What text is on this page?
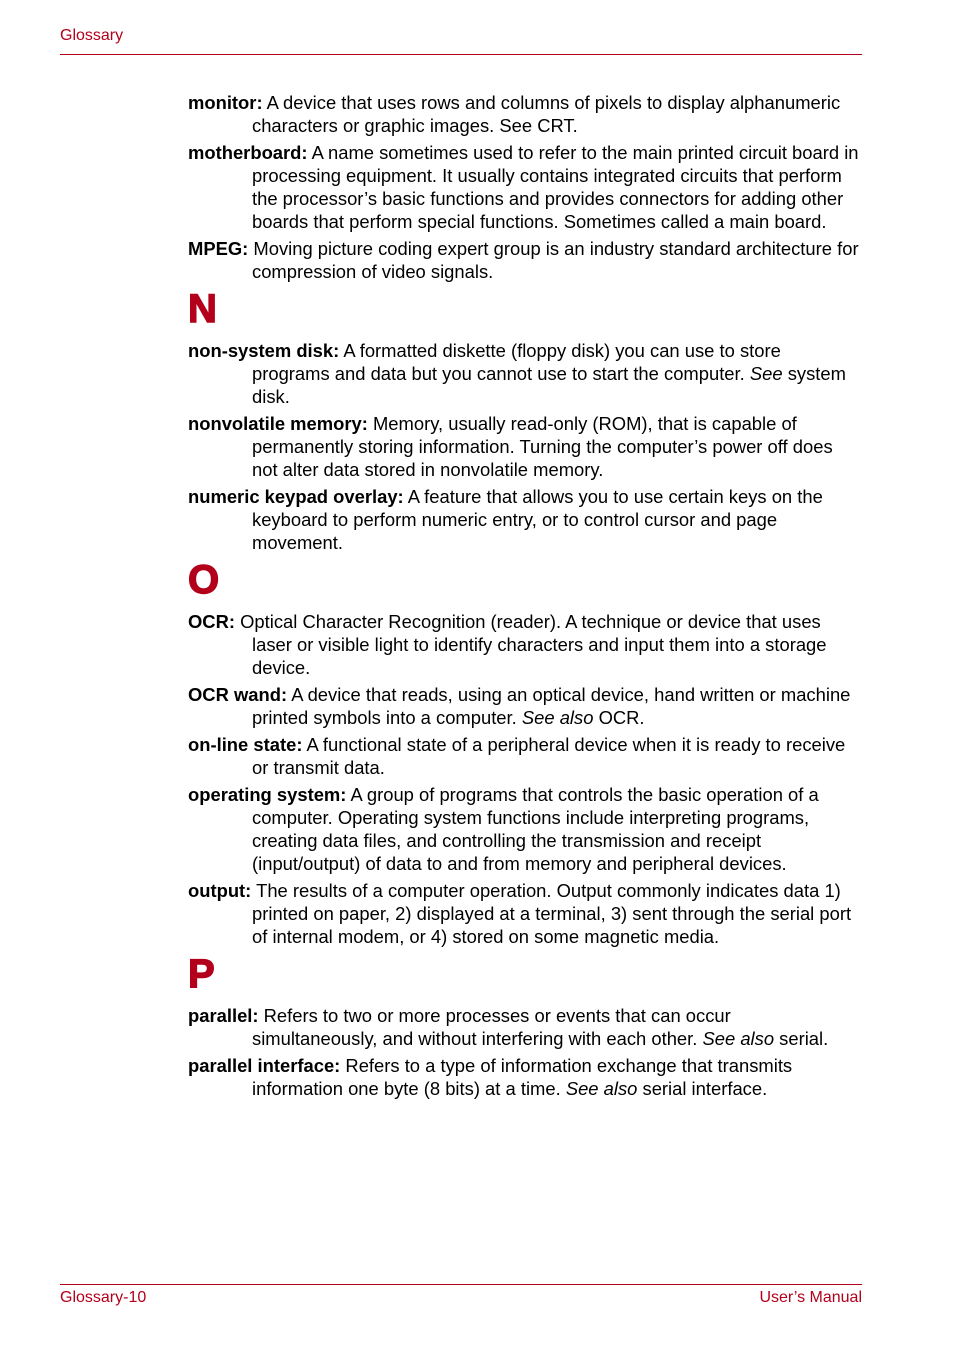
Glossary

monitor: A device that uses rows and columns of pixels to display alphanumeric characters or graphic images. See CRT.

motherboard: A name sometimes used to refer to the main printed circuit board in processing equipment. It usually contains integrated circuits that perform the processor’s basic functions and provides connectors for adding other boards that perform special functions. Sometimes called a main board.

MPEG: Moving picture coding expert group is an industry standard architecture for compression of video signals.

N

non-system disk: A formatted diskette (floppy disk) you can use to store programs and data but you cannot use to start the computer. See system disk.

nonvolatile memory: Memory, usually read-only (ROM), that is capable of permanently storing information. Turning the computer’s power off does not alter data stored in nonvolatile memory.

numeric keypad overlay: A feature that allows you to use certain keys on the keyboard to perform numeric entry, or to control cursor and page movement.

O

OCR: Optical Character Recognition (reader). A technique or device that uses laser or visible light to identify characters and input them into a storage device.

OCR wand: A device that reads, using an optical device, hand written or machine printed symbols into a computer. See also OCR.

on-line state: A functional state of a peripheral device when it is ready to receive or transmit data.

operating system: A group of programs that controls the basic operation of a computer. Operating system functions include interpreting programs, creating data files, and controlling the transmission and receipt (input/output) of data to and from memory and peripheral devices.

output: The results of a computer operation. Output commonly indicates data 1) printed on paper, 2) displayed at a terminal, 3) sent through the serial port of internal modem, or 4) stored on some magnetic media.

P

parallel: Refers to two or more processes or events that can occur simultaneously, and without interfering with each other. See also serial.

parallel interface: Refers to a type of information exchange that transmits information one byte (8 bits) at a time. See also serial interface.

Glossary-10	User’s Manual
